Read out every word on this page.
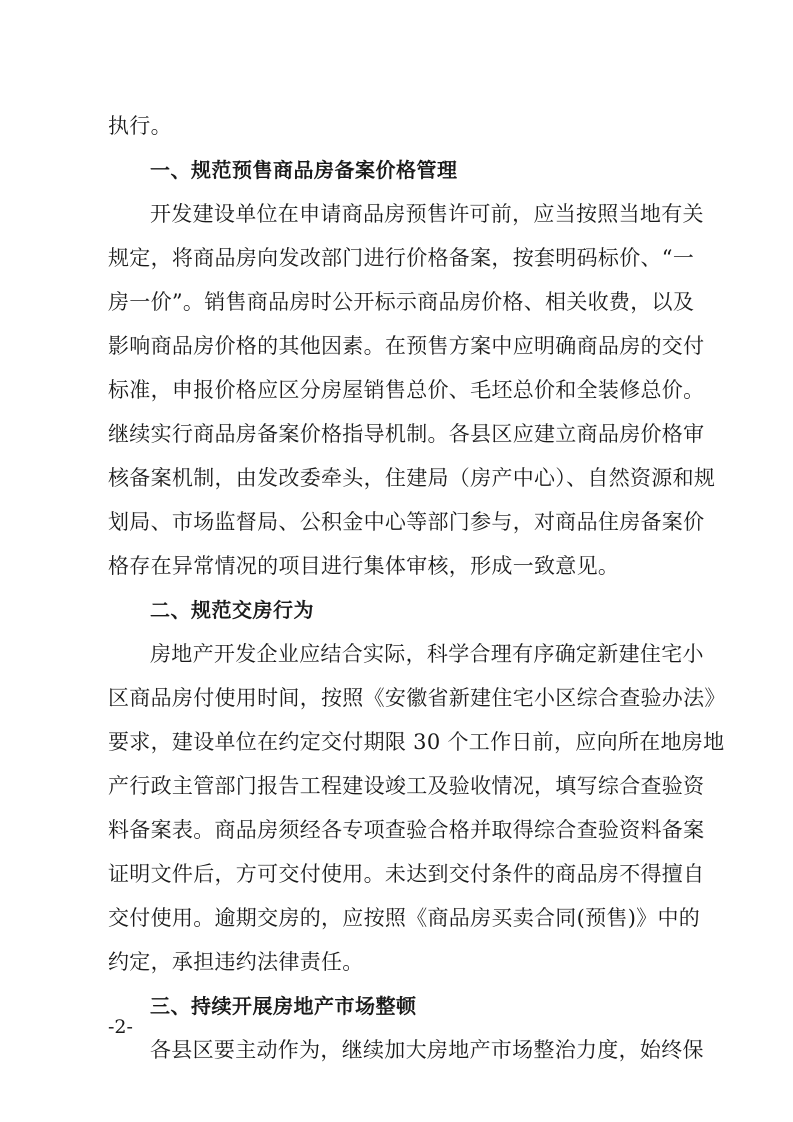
执行。
一、规范预售商品房备案价格管理
开发建设单位在申请商品房预售许可前，应当按照当地有关
规定，将商品房向发改部门进行价格备案，按套明码标价、“一
房一价”。销售商品房时公开标示商品房价格、相关收费，以及
影响商品房价格的其他因素。在预售方案中应明确商品房的交付
标准，申报价格应区分房屋销售总价、毛坯总价和全装修总价。
继续实行商品房备案价格指导机制。各县区应建立商品房价格审
核备案机制，由发改委牵头，住建局（房产中心）、自然资源和规
划局、市场监督局、公积金中心等部门参与，对商品住房备案价
格存在异常情况的项目进行集体审核，形成一致意见。
二、规范交房行为
房地产开发企业应结合实际，科学合理有序确定新建住宅小
区商品房付使用时间，按照《安徽省新建住宅小区综合查验办法》
要求，建设单位在约定交付期限 30 个工作日前，应向所在地房地
产行政主管部门报告工程建设竣工及验收情况，填写综合查验资
料备案表。商品房须经各专项查验合格并取得综合查验资料备案
证明文件后，方可交付使用。未达到交付条件的商品房不得擅自
交付使用。逾期交房的，应按照《商品房买卖合同(预售)》中的
约定，承担违约法律责任。
三、持续开展房地产市场整顿
各县区要主动作为，继续加大房地产市场整治力度，始终保
-2-
